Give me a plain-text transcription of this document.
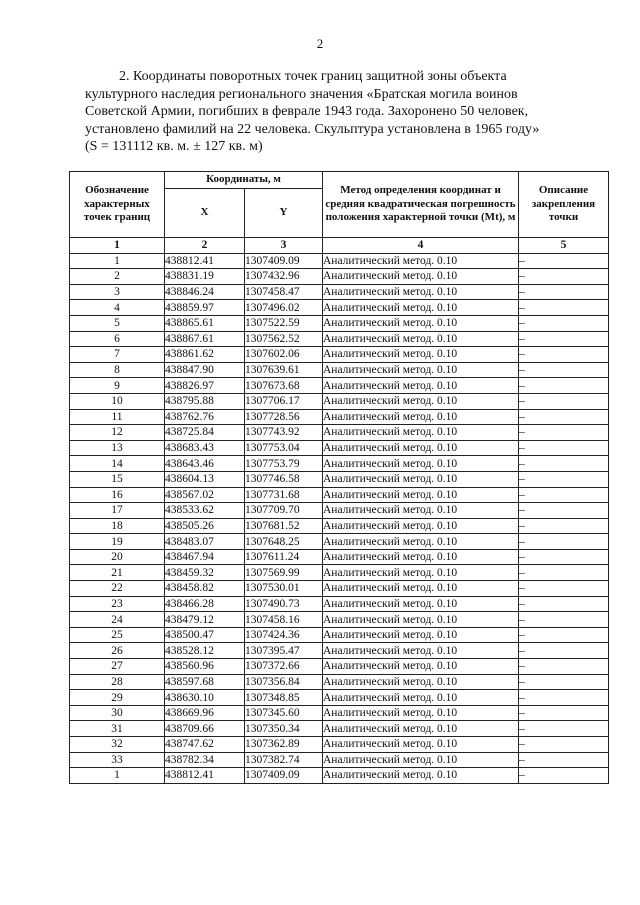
2
2. Координаты поворотных точек границ защитной зоны объекта
культурного наследия регионального значения «Братская могила воинов
Советской Армии, погибших в феврале 1943 года. Захоронено 50 человек,
установлено фамилий на 22 человека. Скульптура установлена в 1965 году»
(S = 131112 кв. м. ± 127 кв. м)
Обозначение характерных точек границ	Координаты, м		Метод определения координат и средняя квадратическая погрешность положения характерной точки (Mt), м	Описание закрепления точки
	X	Y		
1	2	3	4	5
1	438812.41	1307409.09	Аналитический метод. 0.10	–
2	438831.19	1307432.96	Аналитический метод. 0.10	–
3	438846.24	1307458.47	Аналитический метод. 0.10	–
4	438859.97	1307496.02	Аналитический метод. 0.10	–
5	438865.61	1307522.59	Аналитический метод. 0.10	–
6	438867.61	1307562.52	Аналитический метод. 0.10	–
7	438861.62	1307602.06	Аналитический метод. 0.10	–
8	438847.90	1307639.61	Аналитический метод. 0.10	–
9	438826.97	1307673.68	Аналитический метод. 0.10	–
10	438795.88	1307706.17	Аналитический метод. 0.10	–
11	438762.76	1307728.56	Аналитический метод. 0.10	–
12	438725.84	1307743.92	Аналитический метод. 0.10	–
13	438683.43	1307753.04	Аналитический метод. 0.10	–
14	438643.46	1307753.79	Аналитический метод. 0.10	–
15	438604.13	1307746.58	Аналитический метод. 0.10	–
16	438567.02	1307731.68	Аналитический метод. 0.10	–
17	438533.62	1307709.70	Аналитический метод. 0.10	–
18	438505.26	1307681.52	Аналитический метод. 0.10	–
19	438483.07	1307648.25	Аналитический метод. 0.10	–
20	438467.94	1307611.24	Аналитический метод. 0.10	–
21	438459.32	1307569.99	Аналитический метод. 0.10	–
22	438458.82	1307530.01	Аналитический метод. 0.10	–
23	438466.28	1307490.73	Аналитический метод. 0.10	–
24	438479.12	1307458.16	Аналитический метод. 0.10	–
25	438500.47	1307424.36	Аналитический метод. 0.10	–
26	438528.12	1307395.47	Аналитический метод. 0.10	–
27	438560.96	1307372.66	Аналитический метод. 0.10	–
28	438597.68	1307356.84	Аналитический метод. 0.10	–
29	438630.10	1307348.85	Аналитический метод. 0.10	–
30	438669.96	1307345.60	Аналитический метод. 0.10	–
31	438709.66	1307350.34	Аналитический метод. 0.10	–
32	438747.62	1307362.89	Аналитический метод. 0.10	–
33	438782.34	1307382.74	Аналитический метод. 0.10	–
1	438812.41	1307409.09	Аналитический метод. 0.10	–
